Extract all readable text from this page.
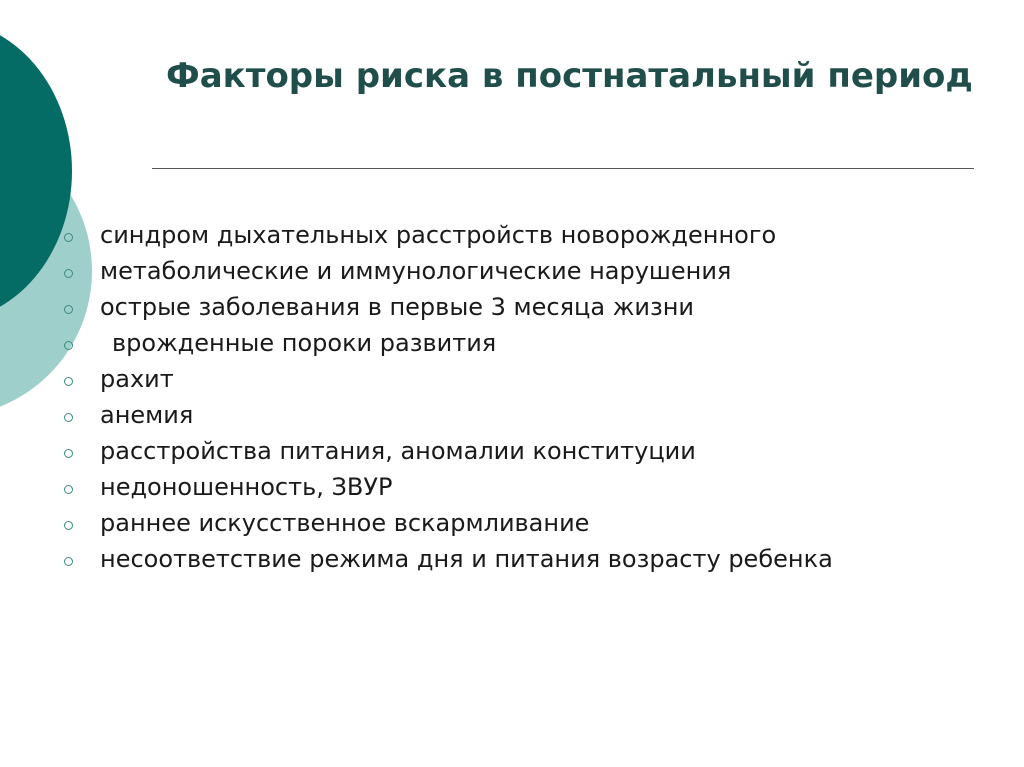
Факторы риска в постнатальный период
синдром дыхательных расстройств новорожденного
метаболические и иммунологические нарушения
острые заболевания в первые 3 месяца жизни
врожденные пороки развития
рахит
анемия
расстройства питания, аномалии конституции
недоношенность, ЗВУР
раннее искусственное вскармливание
несоответствие режима дня и питания возрасту ребенка
